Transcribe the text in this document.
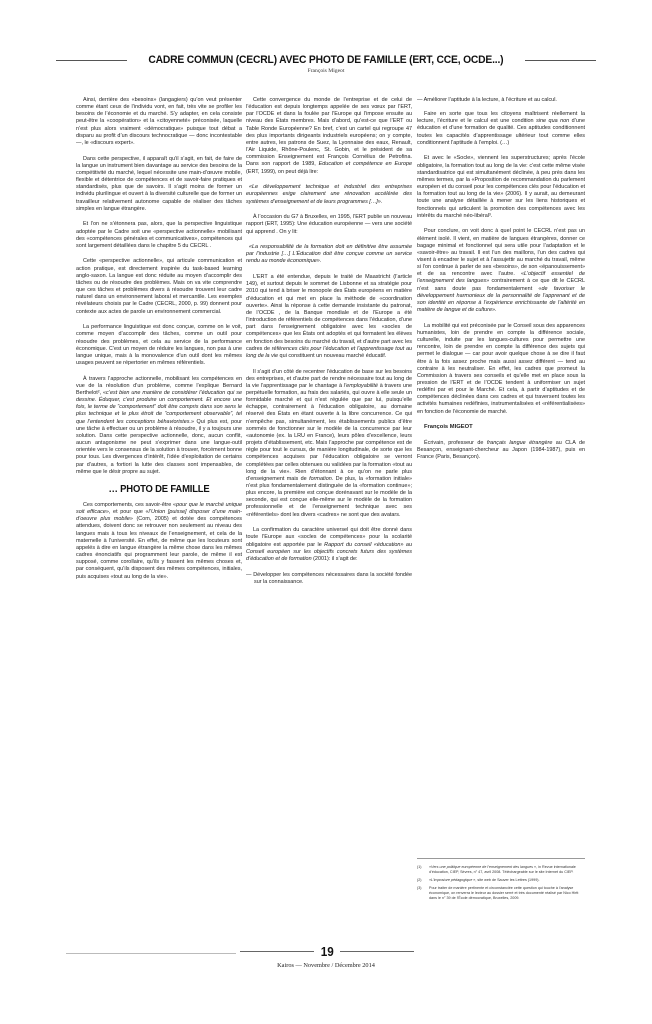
CADRE COMMUN (CECRL) AVEC PHOTO DE FAMILLE (ERT, CCE, OCDE...)
François Migeot

Ainsi, derrière des «besoins» (langagiers) qu’on veut présenter comme étant ceux de l’individu vont, en fait, très vite se profiler les besoins de l’économie et du marché. S’y adapter, en cela consiste peut-être la «coopération» et la «citoyenneté» préconisée, laquelle n’est plus alors vraiment «démocratique» puisque tout débat a disparu au profit d’un discours technocratique — donc incontestable —, le «discours expert».

Dans cette perspective, il apparaît qu’il s’agit, en fait, de faire de la langue un instrument bien davantage au service des besoins de la compétitivité du marché, lequel nécessite une main-d’œuvre mobile, flexible et détentrice de compétences et de savoir-faire pratiques et standardisés, plus que de savoirs. Il s’agit moins de former un individu plurilingue et ouvert à la diversité culturelle que de former un travailleur relativement autonome capable de réaliser des tâches simples en langue étrangère.

Et l’on ne s’étonnera pas, alors, que la perspective linguistique adoptée par le Cadre soit une «perspective actionnelle» mobilisant des «compétences générales et communicatives», compétences qui sont largement détaillées dans le chapitre 5 du CECRL .

Cette «perspective actionnelle», qui articule communication et action pratique, est directement inspirée du task-based learning anglo-saxon. La langue est donc réduite au moyen d’accomplir des tâches ou de résoudre des problèmes. Mais on va vite comprendre que ces tâches et problèmes divers à résoudre trouvent leur cadre naturel dans un environnement laboral et mercantile. Les exemples révélateurs choisis par le Cadre (CECRL, 2000, p. 99) donnent pour contexte aux actes de parole un environnement commercial.

La performance linguistique est donc conçue, comme on le voit, comme moyen d’accomplir des tâches, comme un outil pour résoudre des problèmes, et cela au service de la performance économique. C’est un moyen de réduire les langues, non pas à une langue unique, mais à la monovalence d’un outil dont les mêmes usages peuvent se répertorier en mêmes référentiels.

À travers l’approche actionnelle, mobilisant les compétences en vue de la résolution d’un problème, comme l’explique Bernard Berthelot², «c’est bien une manière de considérer l’éducation qui se dessine. Éduquer, c’est produire un comportement. Et encore une fois, le terme de “comportement” doit être compris dans son sens le plus technique et le plus étroit de “comportement observable”, tel que l’entendent les conceptions béhavioristes.» Qui plus est, pour une tâche à effectuer ou un problème à résoudre, il y a toujours une solution. Dans cette perspective actionnelle, donc, aucun conflit, aucun antagonisme ne peut s’exprimer dans une langue-outil orientée vers le consensus de la solution à trouver, forcément bonne pour tous. Les divergences d’intérêt, l’idée d’exploitation de certains par d’autres, a fortiori la lutte des classes sont impensables, de même que le désir propre au sujet.

… PHOTO DE FAMILLE

Ces comportements, ces savoir-être «pour que le marché unique soit efficace», et pour que «l’Union [puisse] disposer d’une main-d’oeuvre plus mobile» (Com, 2005) et dotée des compétences attendues, doivent donc se retrouver non seulement au niveau des langues mais à tous les niveaux de l’enseignement, et cela de la maternelle à l’université. En effet, de même que les locuteurs sont appelés à dire en langue étrangère la même chose dans les mêmes cadres énonciatifs qui programment leur parole, de même il est supposé, comme corollaire, qu’ils y fassent les mêmes choses et, par conséquent, qu’ils disposent des mêmes compétences, initiales, puis acquises «tout au long de la vie».

Cette convergence du monde de l’entreprise et de celui de l’éducation est depuis longtemps appelée de ses vœux par l’ERT, par l’OCDE et dans la foulée par l’Europe qui l’impose ensuite au niveau des États membres. Mais d’abord, qu’est-ce que l’ERT ou Table Ronde Européenne? En bref, c’est un cartel qui regroupe 47 des plus importants dirigeants industriels européens; on y compte, entre autres, les patrons de Suez, la Lyonnaise des eaux, Renault, l’Air Liquide, Rhône-Poulenc, St. Gobin, et le président de sa commission Enseignement est François Cornélius de Petrofina. Dans son rapport de 1989, Education et compétence en Europe (ERT, 1999), on peut déjà lire:

«Le développement technique et industriel des entreprises européennes exige clairement une rénovation accélérée des systèmes d’enseignement et de leurs programmes […]».

À l’occasion du G7 à Bruxelles, en 1995, l’ERT publie un nouveau rapport (ERT, 1995): Une éducation européenne — vers une société qui apprend . On y lit:

«La responsabilité de la formation doit en définitive être assumée par l’industrie […] L’Éducation doit être conçue comme un service rendu au monde économique».

L’ERT a été entendue, depuis le traité de Maastricht (l’article 149), et surtout depuis le sommet de Lisbonne et sa stratégie pour 2010 qui tend à briser le monopole des États européens en matière d’éducation et qui met en place la méthode de «coordination ouverte». Ainsi la réponse à cette demande insistante du patronat, de l’OCDE , de la Banque mondiale et de l’Europe a été l’introduction de référentiels de compétences dans l’éducation, d’une part dans l’enseignement obligatoire avec les «socles de compétences» que les États ont adoptés et qui formatent les élèves en fonction des besoins du marché du travail, et d’autre part avec les cadres de références clés pour l’éducation et l’apprentissage tout au long de la vie qui constituent un nouveau marché éducatif.

Il s’agit d’un côté de recentrer l’éducation de base sur les besoins des entreprises, et d’autre part de rendre nécessaire tout au long de la vie l’apprentissage par le chantage à l’employabilité à travers une perpétuelle formation, au frais des salariés, qui ouvre à elle seule un formidable marché et qui n’est régulée que par lui, puisqu’elle échappe, contrairement à l’éducation obligatoire, au domaine réservé des États en étant ouverte à la libre concurrence. Ce qui n’empêche pas, simultanément, les établissements publics d’être sommés de fonctionner sur le modèle de la concurrence par leur «autonomie (ex. la LRU en France), leurs pôles d’excellence, leurs projets d’établissement, etc. Mais l’approche par compétence est de règle pour tout le cursus, de manière longitudinale, de sorte que les compétences acquises par l’éducation obligatoire se verront complétées par celles obtenues ou validées par la formation «tout au long de la vie». Rien d’étonnant à ce qu’on ne parle plus d’enseignement mais de formation. De plus, la «formation initiale» n’est plus fondamentalement distinguée de la «formation continue»; plus encore, la première est conçue dorénavant sur le modèle de la seconde, qui est conçue elle-même sur le modèle de la formation professionnelle et de l’enseignement technique avec ses «référentiels» dont les divers «cadres» ne sont que des avatars.

La confirmation du caractère universel qui doit être donné dans toute l’Europe aux «socles de compétences» pour la scolarité obligatoire est apportée par le Rapport du conseil «éducation» au Conseil européen sur les objectifs concrets futurs des systèmes d’éducation et de formation (2001): il s’agit de:

— Développer les compétences nécessaires dans la société fondée sur la connaissance.

— Améliorer l’aptitude à la lecture, à l’écriture et au calcul.

Faire en sorte que tous les citoyens maîtrisent réellement la lecture, l’écriture et le calcul est une condition sine qua non d’une éducation et d’une formation de qualité. Ces aptitudes conditionnent toutes les capacités d’apprentissage ultérieur tout comme elles conditionnent l’aptitude à l’emploi. (…)

Et avec le «Socle», viennent les superstructures; après l’école obligatoire, la formation tout au long de la vie: c’est cette même visée standardisatrice qui est simultanément déclinée, à peu près dans les mêmes termes, par la «Proposition de recommandation du parlement européen et du conseil pour les compétences clés pour l’éducation et la formation tout au long de la vie» (2006). Il y aurait, au demeurant toute une analyse détaillée à mener sur les liens historiques et fonctionnels qui articulent la promotion des compétences avec les intérêts du marché néo-libéral³.

Pour conclure, on voit donc à quel point le CECRL n’est pas un élément isolé. Il vient, en matière de langues étrangères, donner ce bagage minimal et fonctionnel qui sera utile pour l’adaptation et le «savoir-être» au travail. Il est l’un des maillons, l’un des cadres qui visent à encadrer le sujet et à l’assujettir au marché du travail, même si l’on continue à parler de ses «besoins», de son «épanouissement» et de sa rencontre avec l’autre. «L’objectif essentiel de l’enseignement des langues» contrairement à ce que dit le CECRL n’est sans doute pas fondamentalement «de favoriser le développement harmonieux de la personnalité de l’apprenant et de son identité en réponse à l’expérience enrichissante de l’altérité en matière de langue et de culture».

La mobilité qui est préconisée par le Conseil sous des apparences humanistes, loin de prendre en compte la différence sociale, culturelle, induite par les langues-cultures pour permettre une rencontre, loin de prendre en compte la différence des sujets qui permet le dialogue — car pour avoir quelque chose à se dire il faut être à la fois assez proche mais aussi assez différent — tend au contraire à les neutraliser. En effet, les cadres que promeut la Commission à travers ses conseils et qu’elle met en place sous la pression de l’ERT et de l’OCDE tendent à uniformiser un sujet redéfini par et pour le Marché. Et cela, à partir d’aptitudes et de compétences déclinées dans ces cadres et qui traversent toutes les activités humaines redéfinies, instrumentalisées et «référentialisées» en fonction de l’économie de marché.

François MIGEOT

Écrivain, professeur de français langue étrangère au CLA de Besançon, enseignant-chercheur au Japon (1984-1987), puis en France (Paris, Besançon).

(1)	«Vers une politique européenne de l’enseignement des langues », in Revue internationale d’éducation, CIEP, Sèvres, n° 47, avril 2008. Téléchargeable sur le site Internet du CIEP.
(2)	«L’imposture pédagogique », site web de Sauver les Lettres (1999).
(3)	Pour traiter de manière pertinente et circonstanciée cette question qui touche à l’analyse économique, on renverra le lecteur au dossier serré et très documenté réalisé par Nico Hirtt dans le n° 39 de l’École démocratique, Bruxelles, 2009.
19
Kairos — Novembre / Décembre 2014
